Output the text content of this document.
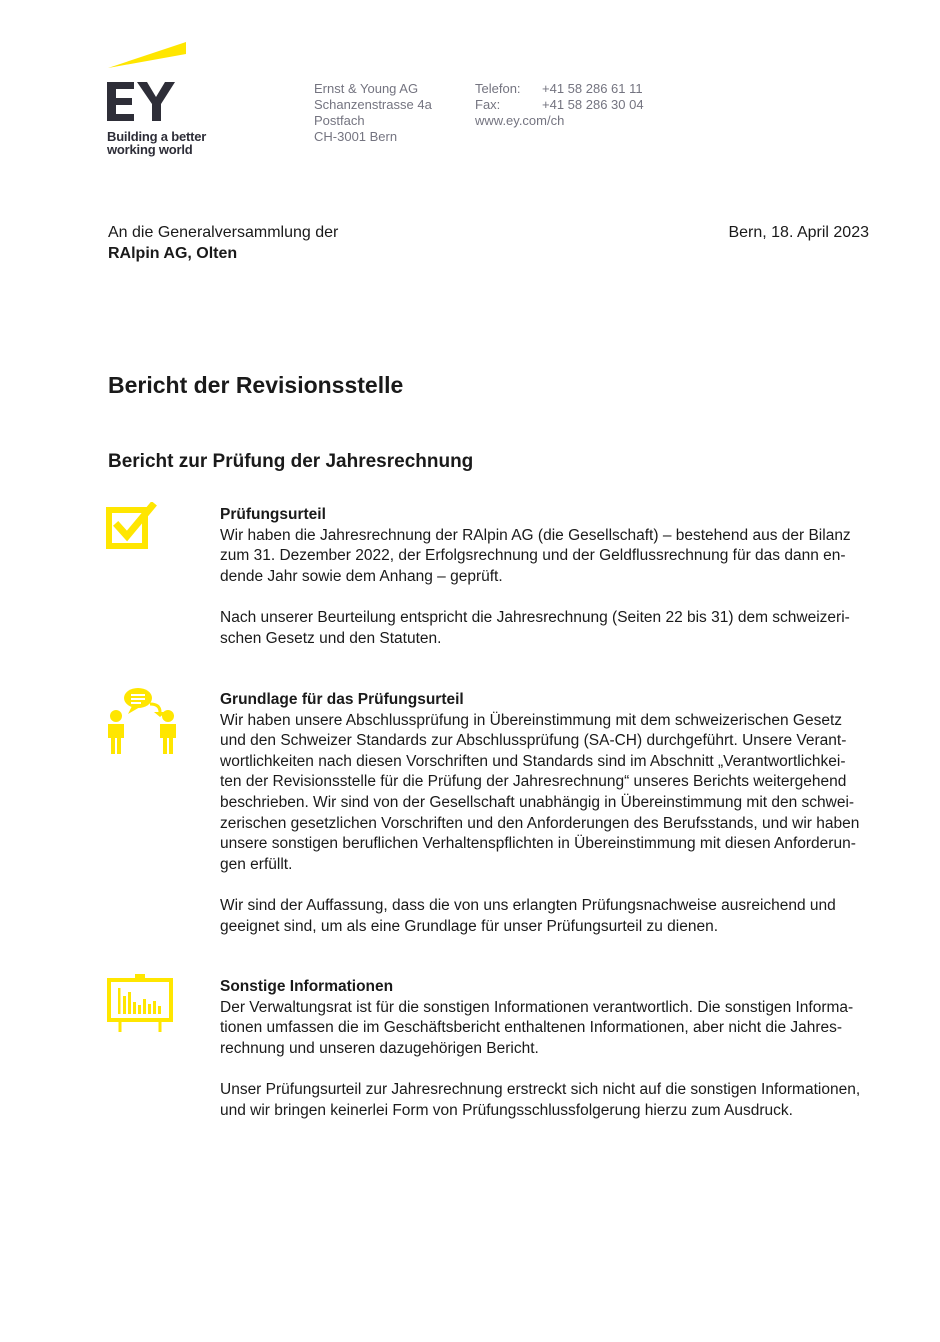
Building a better
working world
Ernst & Young AG
Schanzenstrasse 4a
Postfach
CH-3001 Bern
Telefon: +41 58 286 61 11
Fax:	+41 58 286 30 04
www.ey.com/ch
An die Generalversammlung der
RAlpin AG, Olten
Bern, 18. April 2023
Bericht der Revisionsstelle
Bericht zur Prüfung der Jahresrechnung
Prüfungsurteil

Wir haben die Jahresrechnung der RAlpin AG (die Gesellschaft) – bestehend aus der Bilanz

zum 31. Dezember 2022, der Erfolgsrechnung und der Geldflussrechnung für das dann en-

dende Jahr sowie dem Anhang – geprüft.

Nach unserer Beurteilung entspricht die Jahresrechnung (Seiten 22 bis 31) dem schweizeri-

schen Gesetz und den Statuten.

Grundlage für das Prüfungsurteil

Wir haben unsere Abschlussprüfung in Übereinstimmung mit dem schweizerischen Gesetz

und den Schweizer Standards zur Abschlussprüfung (SA-CH) durchgeführt. Unsere Verant-

wortlichkeiten nach diesen Vorschriften und Standards sind im Abschnitt „Verantwortlichkei-

ten der Revisionsstelle für die Prüfung der Jahresrechnung“ unseres Berichts weitergehend

beschrieben. Wir sind von der Gesellschaft unabhängig in Übereinstimmung mit den schwei-

zerischen gesetzlichen Vorschriften und den Anforderungen des Berufsstands, und wir haben

unsere sonstigen beruflichen Verhaltenspflichten in Übereinstimmung mit diesen Anforderun-

gen erfüllt.

Wir sind der Auffassung, dass die von uns erlangten Prüfungsnachweise ausreichend und

geeignet sind, um als eine Grundlage für unser Prüfungsurteil zu dienen.

Sonstige Informationen

Der Verwaltungsrat ist für die sonstigen Informationen verantwortlich. Die sonstigen Informa-

tionen umfassen die im Geschäftsbericht enthaltenen Informationen, aber nicht die Jahres-

rechnung und unseren dazugehörigen Bericht.

Unser Prüfungsurteil zur Jahresrechnung erstreckt sich nicht auf die sonstigen Informationen,

und wir bringen keinerlei Form von Prüfungsschlussfolgerung hierzu zum Ausdruck.
